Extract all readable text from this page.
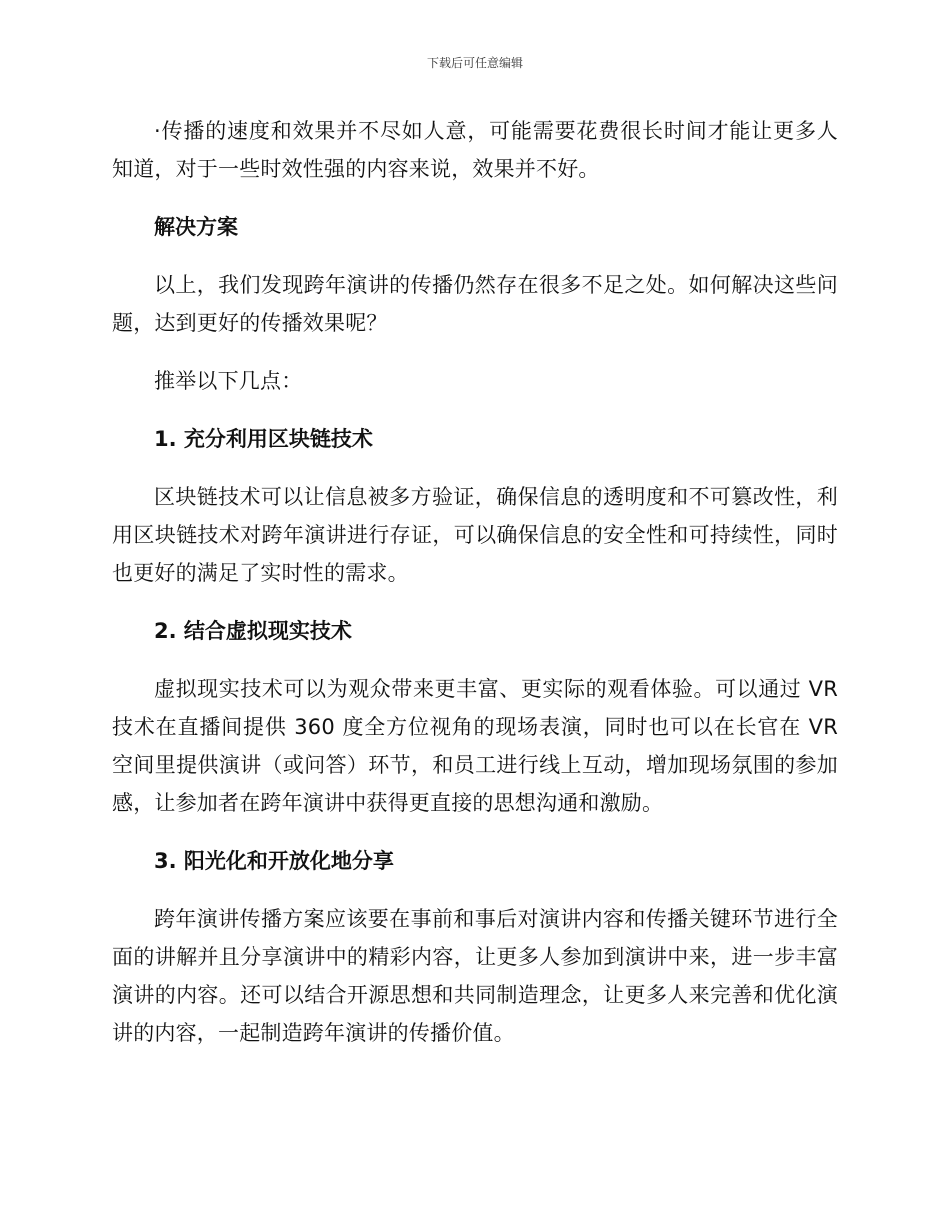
下载后可任意编辑

·传播的速度和效果并不尽如人意，可能需要花费很长时间才能让更多人知道，对于一些时效性强的内容来说，效果并不好。

解决方案

以上，我们发现跨年演讲的传播仍然存在很多不足之处。如何解决这些问题，达到更好的传播效果呢？

推举以下几点：

1. 充分利用区块链技术

区块链技术可以让信息被多方验证，确保信息的透明度和不可篡改性，利用区块链技术对跨年演讲进行存证，可以确保信息的安全性和可持续性，同时也更好的满足了实时性的需求。

2. 结合虚拟现实技术

虚拟现实技术可以为观众带来更丰富、更实际的观看体验。可以通过 VR 技术在直播间提供 360 度全方位视角的现场表演，同时也可以在长官在 VR 空间里提供演讲（或问答）环节，和员工进行线上互动，增加现场氛围的参加感，让参加者在跨年演讲中获得更直接的思想沟通和激励。

3. 阳光化和开放化地分享

跨年演讲传播方案应该要在事前和事后对演讲内容和传播关键环节进行全面的讲解并且分享演讲中的精彩内容，让更多人参加到演讲中来，进一步丰富演讲的内容。还可以结合开源思想和共同制造理念，让更多人来完善和优化演讲的内容，一起制造跨年演讲的传播价值。
